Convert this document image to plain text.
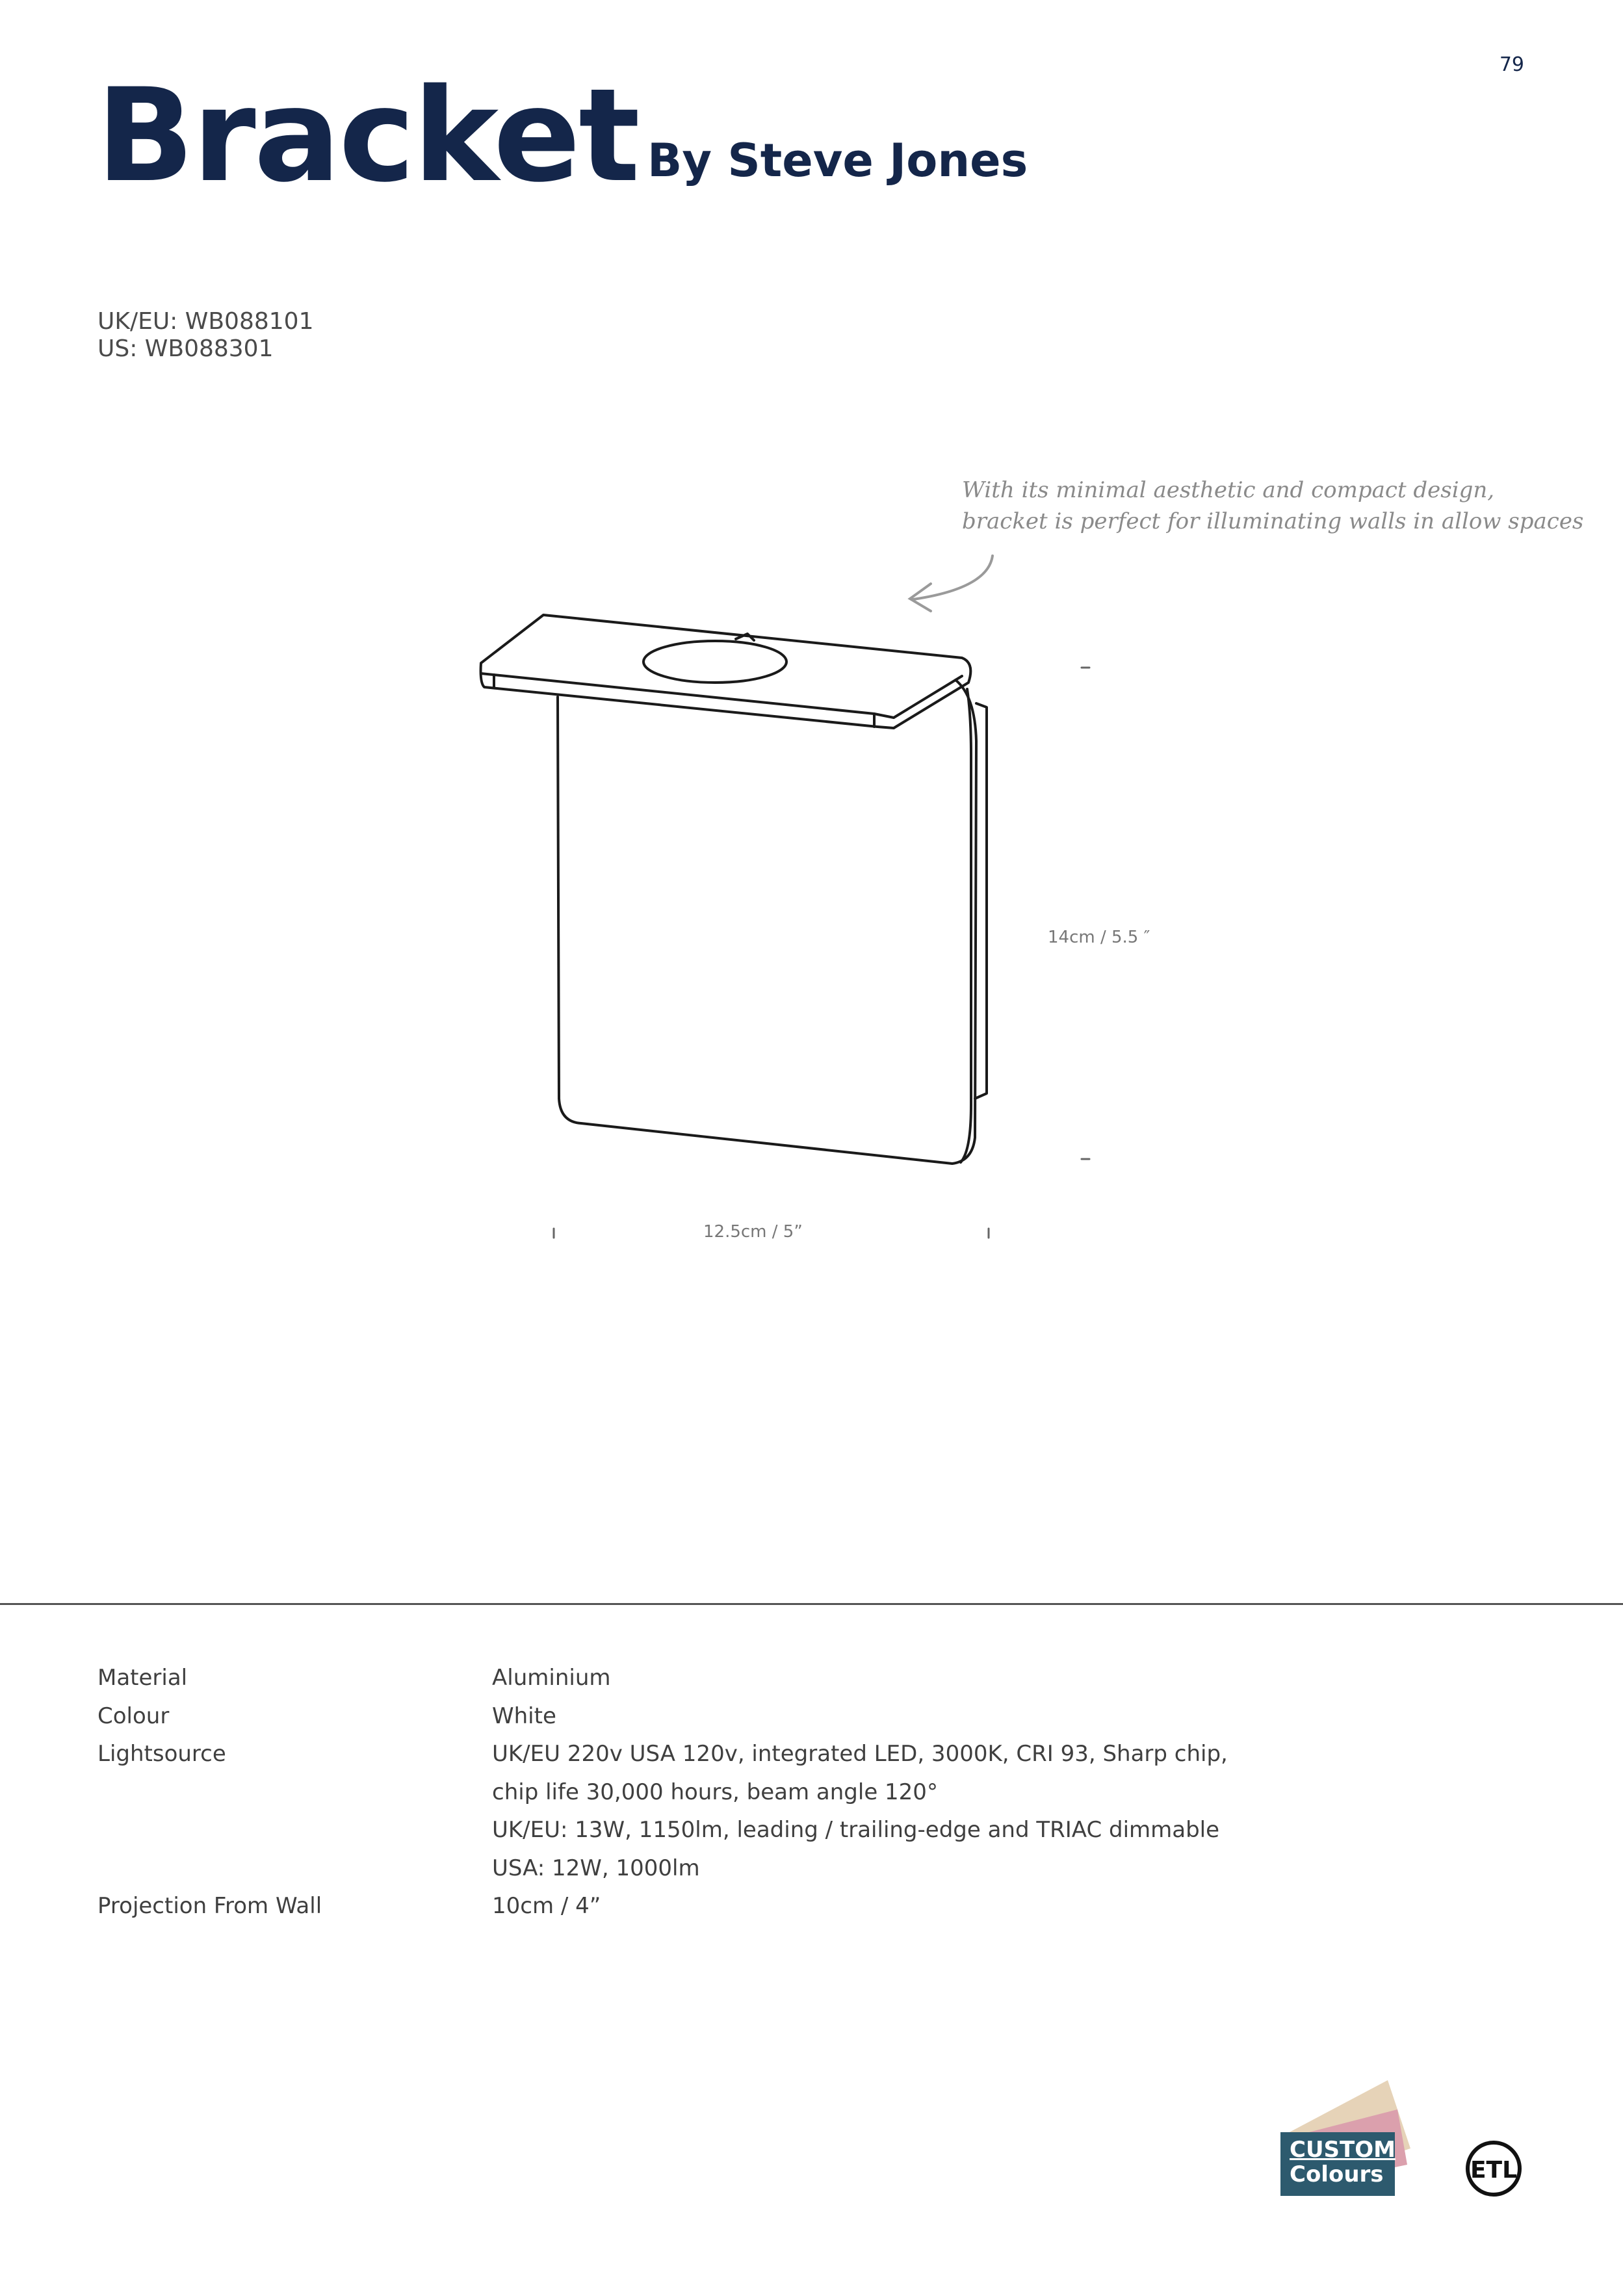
79
Bracket By Steve Jones
UK/EU: WB088101
US: WB088301
With its minimal aesthetic and compact design,
bracket is perfect for illuminating walls in allow spaces
14cm / 5.5 ″
12.5cm / 5”
Material	Aluminium
Colour	White
Lightsource	UK/EU 220v USA 120v, integrated LED, 3000K, CRI 93, Sharp chip,
chip life 30,000 hours, beam angle 120°
UK/EU: 13W, 1150lm, leading / trailing-edge and TRIAC dimmable
USA: 12W, 1000lm
Projection From Wall	10cm / 4”
CUSTOM
Colours	ETL
